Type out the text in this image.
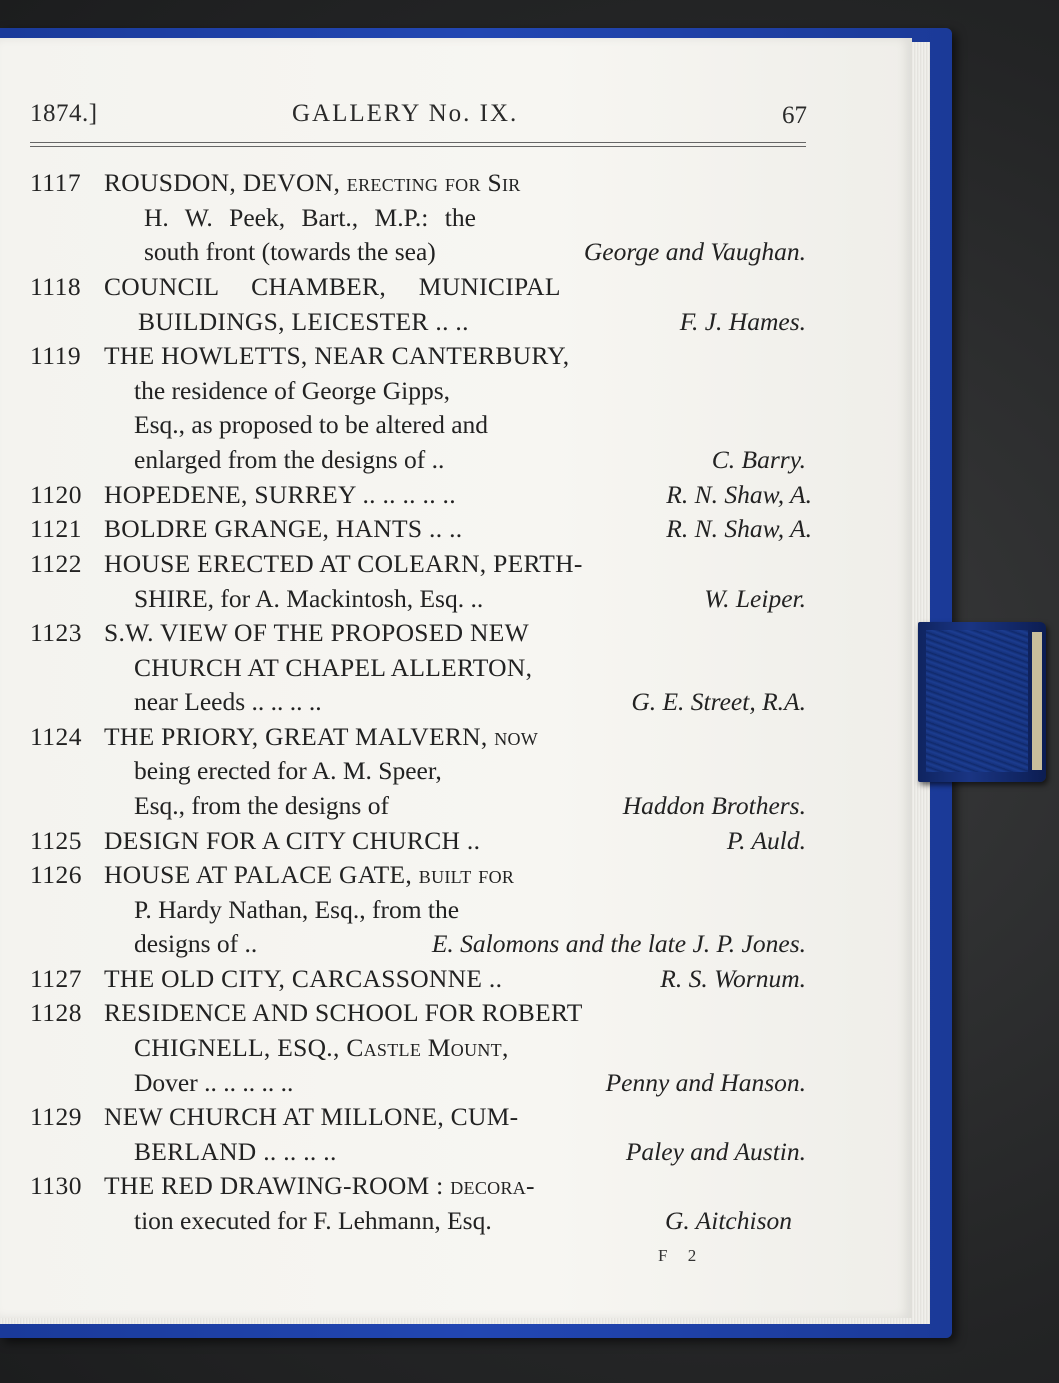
1874.]	GALLERY No. IX.	67
1117 ROUSDON, DEVON, erecting for Sir
H. W. Peek, Bart., M.P.: the
south front (towards the sea)	George and Vaughan.
1118 COUNCIL CHAMBER, MUNICIPAL
BUILDINGS, LEICESTER .. ..	F. J. Hames.
1119 THE HOWLETTS, NEAR CANTERBURY,
the residence of George Gipps,
Esq., as proposed to be altered and
enlarged from the designs of ..	C. Barry.
1120 HOPEDENE, SURREY .. .. .. .. ..	R. N. Shaw, A.
1121 BOLDRE GRANGE, HANTS .. ..	R. N. Shaw, A.
1122 HOUSE ERECTED AT COLEARN, PERTH-
SHIRE, for A. Mackintosh, Esq. ..	W. Leiper.
1123 S.W. VIEW OF THE PROPOSED NEW
CHURCH AT CHAPEL ALLERTON,
near Leeds .. .. .. ..	G. E. Street, R.A.
1124 THE PRIORY, GREAT MALVERN, now
being erected for A. M. Speer,
Esq., from the designs of	Haddon Brothers.
1125 DESIGN FOR A CITY CHURCH ..	P. Auld.
1126 HOUSE AT PALACE GATE, built for
P. Hardy Nathan, Esq., from the
designs of ..	E. Salomons and the late J. P. Jones.
1127 THE OLD CITY, CARCASSONNE ..	R. S. Wornum.
1128 RESIDENCE AND SCHOOL FOR ROBERT
CHIGNELL, ESQ., Castle Mount,
Dover .. .. .. .. ..	Penny and Hanson.
1129 NEW CHURCH AT MILLONE, CUM-
BERLAND .. .. .. ..	Paley and Austin.
1130 THE RED DRAWING-ROOM : decora-
tion executed for F. Lehmann, Esq.	G. Aitchison
F 2
